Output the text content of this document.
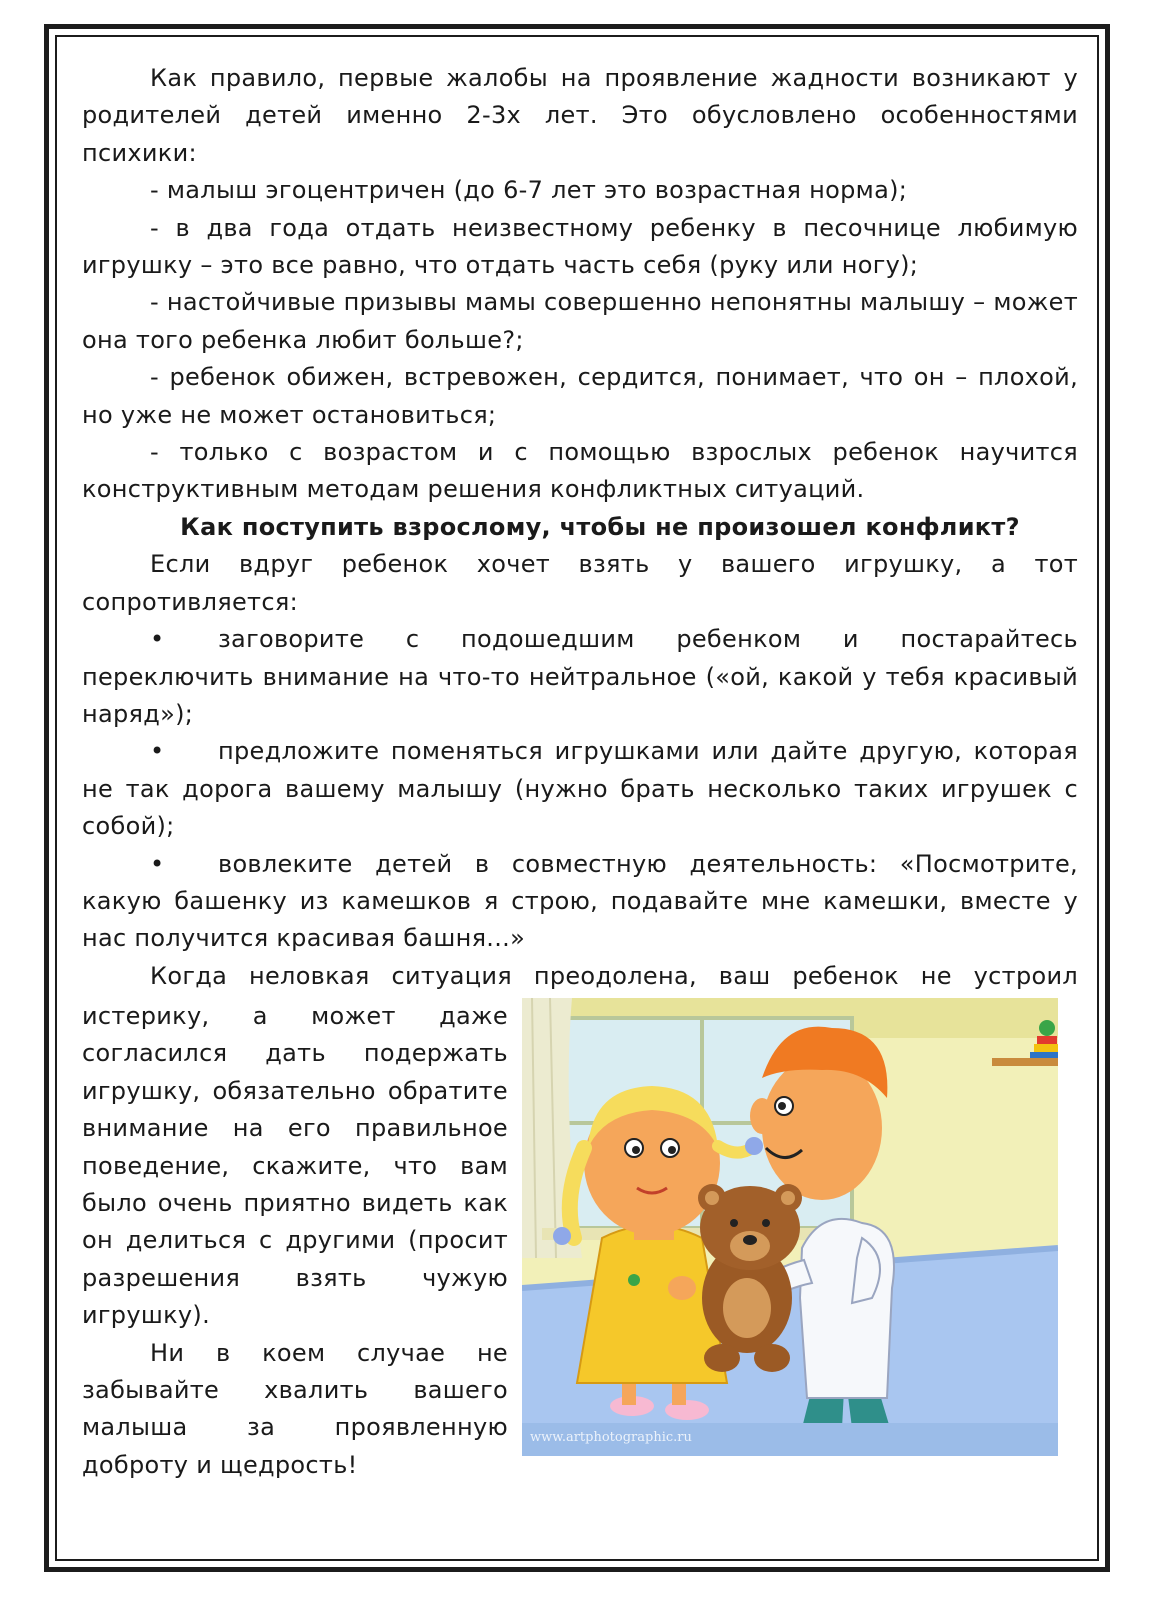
Как правило, первые жалобы на проявление жадности возникают у родителей детей именно 2-3х лет. Это обусловлено особенностями психики:

- малыш эгоцентричен (до 6-7 лет это возрастная норма);

- в два года отдать неизвестному ребенку в песочнице любимую игрушку – это все равно, что отдать часть себя (руку или ногу);

- настойчивые призывы мамы совершенно непонятны малышу – может она того ребенка любит больше?;

- ребенок обижен, встревожен, сердится, понимает, что он – плохой, но уже не может остановиться;

- только с возрастом и с помощью взрослых ребенок научится конструктивным методам решения конфликтных ситуаций.

Как поступить взрослому, чтобы не произошел конфликт?

Если вдруг ребенок хочет взять у вашего игрушку, а тот сопротивляется:

• заговорите с подошедшим ребенком и постарайтесь переключить внимание на что-то нейтральное («ой, какой у тебя красивый наряд»);

• предложите поменяться игрушками или дайте другую, которая не так дорога вашему малышу (нужно брать несколько таких игрушек с собой);

• вовлеките детей в совместную деятельность: «Посмотрите, какую башенку из камешков я строю, подавайте мне камешки, вместе у нас получится красивая башня...»

Когда неловкая ситуация преодолена, ваш ребенок не устроил

истерику, а может даже согласился дать подержать игрушку, обязательно обратите внимание на его правильное поведение, скажите, что вам было очень приятно видеть как он делиться с другими (просит разрешения взять чужую игрушку).

Ни в коем случае не забывайте хвалить вашего малыша за проявленную доброту и щедрость!

www.artphotographic.ru
